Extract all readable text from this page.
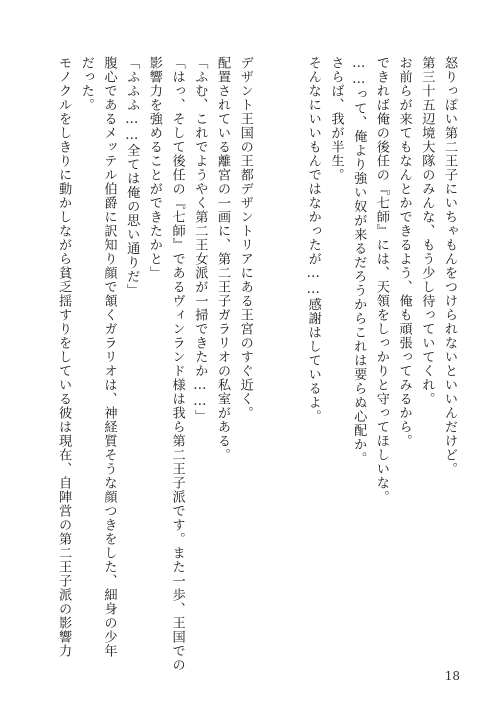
怒りっぽい第二王子にいちゃもんをつけられないといいんだけど。
第三十五辺境大隊のみんな、もう少し待っていてくれ。
お前らが来てもなんとかできるよう、俺も頑張ってみるから。
できれば俺の後任の『七師』には、天領をしっかりと守ってほしいな。
……って、俺より強い奴が来るだろうからこれは要らぬ心配か。
さらば、我が半生。
そんなにいいもんではなかったが……感謝はしているよ。
デザント王国の王都デザントリアにある王宮のすぐ近く。
配置されている離宮の一画に、第二王子ガラリオの私室がある。
「ふむ、これでようやく第二王女派が一掃できたか……」
「はっ、そして後任の『七師』であるヴィンランド様は我ら第二王子派です。また一歩、王国での
影響力を強めることができたかと」
「ふふふ……全ては俺の思い通りだ」
腹心であるメッテル伯爵に訳知り顔で頷くガラリオは、神経質そうな顔つきをした、細身の少年
だった。
モノクルをしきりに動かしながら貧乏揺すりをしている彼は現在、自陣営の第二王子派の影響力
18
